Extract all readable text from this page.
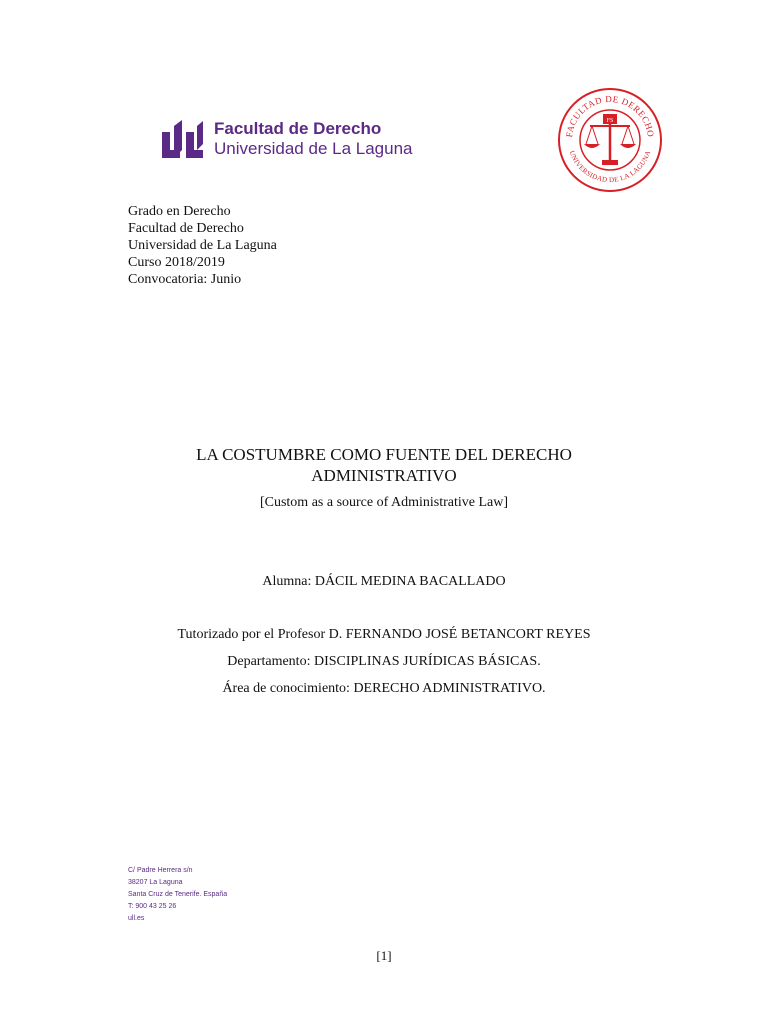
Facultad de Derecho
Universidad de La Laguna
FACULTAD DE DERECHO
UNIVERSIDAD DE LA LAGUNA
FS
Grado en Derecho
Facultad de Derecho
Universidad de La Laguna
Curso 2018/2019
Convocatoria: Junio
LA COSTUMBRE COMO FUENTE DEL DERECHO
ADMINISTRATIVO
[Custom as a source of Administrative Law]
Alumna: DÁCIL MEDINA BACALLADO
Tutorizado por el Profesor D. FERNANDO JOSÉ BETANCORT REYES
Departamento: DISCIPLINAS JURÍDICAS BÁSICAS.
Área de conocimiento: DERECHO ADMINISTRATIVO.
C/ Padre Herrera s/n
38207 La Laguna
Santa Cruz de Tenerife. España
T: 900 43 25 26
ull.es
[1]
